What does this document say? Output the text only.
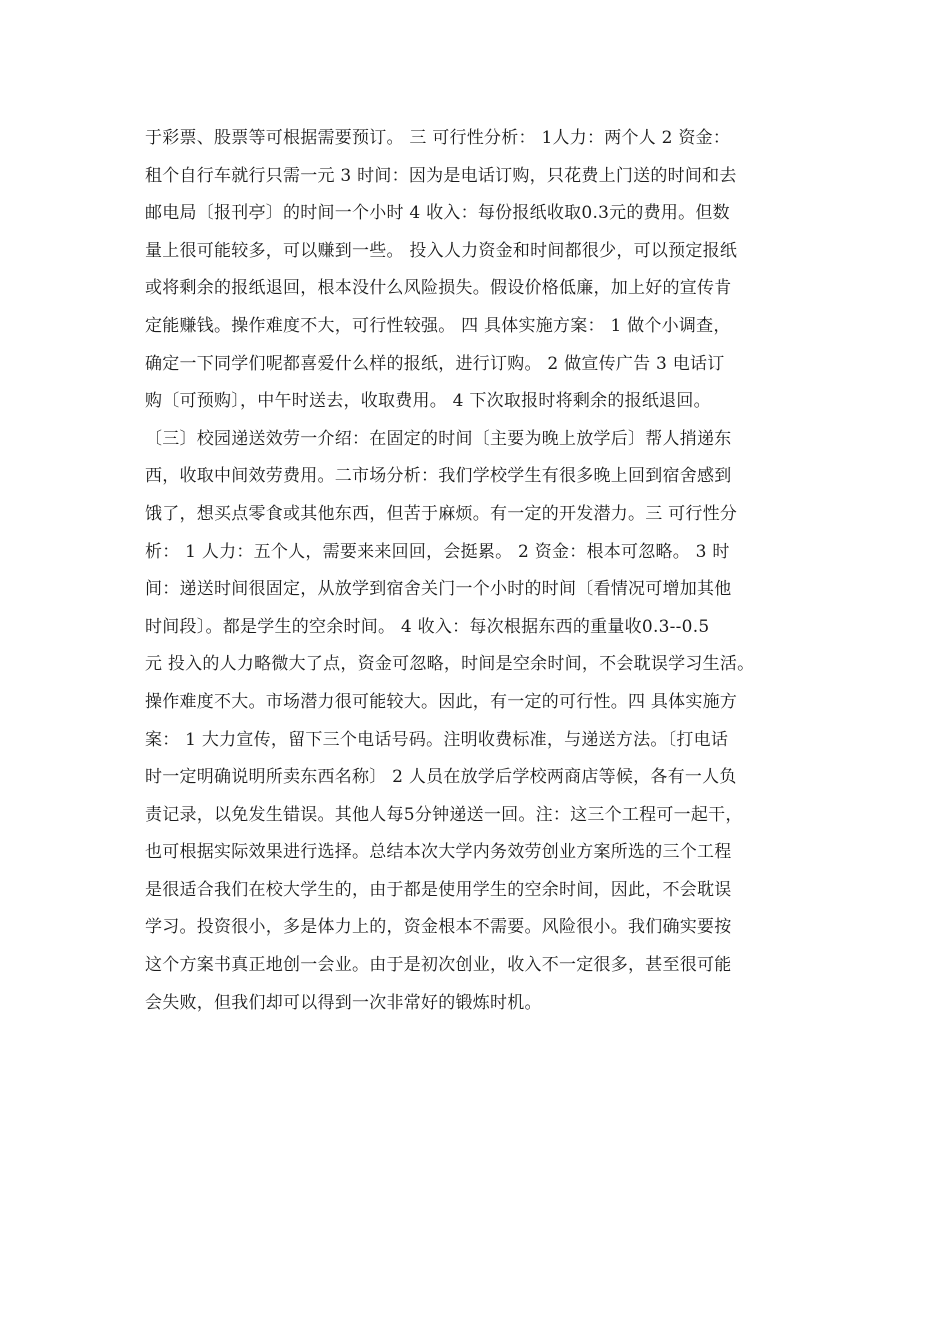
于彩票、股票等可根据需要预订。 三 可行性分析： 1人力：两个人 2 资金：
租个自行车就行只需一元 3 时间：因为是电话订购，只花费上门送的时间和去
邮电局〔报刊亭〕的时间一个小时 4 收入：每份报纸收取0.3元的费用。但数
量上很可能较多，可以赚到一些。 投入人力资金和时间都很少，可以预定报纸
或将剩余的报纸退回，根本没什么风险损失。假设价格低廉，加上好的宣传肯
定能赚钱。操作难度不大，可行性较强。 四 具体实施方案： 1 做个小调查，
确定一下同学们呢都喜爱什么样的报纸，进行订购。 2 做宣传广告 3 电话订
购〔可预购〕，中午时送去，收取费用。 4 下次取报时将剩余的报纸退回。
〔三〕校园递送效劳一介绍：在固定的时间〔主要为晚上放学后〕帮人捎递东
西，收取中间效劳费用。二市场分析：我们学校学生有很多晚上回到宿舍感到
饿了，想买点零食或其他东西，但苦于麻烦。有一定的开发潜力。三 可行性分
析： 1 人力：五个人，需要来来回回，会挺累。 2 资金：根本可忽略。 3 时
间：递送时间很固定，从放学到宿舍关门一个小时的时间〔看情况可增加其他
时间段〕。都是学生的空余时间。 4 收入：每次根据东西的重量收0.3--0.5
元 投入的人力略微大了点，资金可忽略，时间是空余时间，不会耽误学习生活。
操作难度不大。市场潜力很可能较大。因此，有一定的可行性。四 具体实施方
案： 1 大力宣传，留下三个电话号码。注明收费标准，与递送方法。〔打电话
时一定明确说明所卖东西名称〕 2 人员在放学后学校两商店等候，各有一人负
责记录，以免发生错误。其他人每5分钟递送一回。注：这三个工程可一起干，
也可根据实际效果进行选择。总结本次大学内务效劳创业方案所选的三个工程
是很适合我们在校大学生的，由于都是使用学生的空余时间，因此，不会耽误
学习。投资很小，多是体力上的，资金根本不需要。风险很小。我们确实要按
这个方案书真正地创一会业。由于是初次创业，收入不一定很多，甚至很可能
会失败，但我们却可以得到一次非常好的锻炼时机。
